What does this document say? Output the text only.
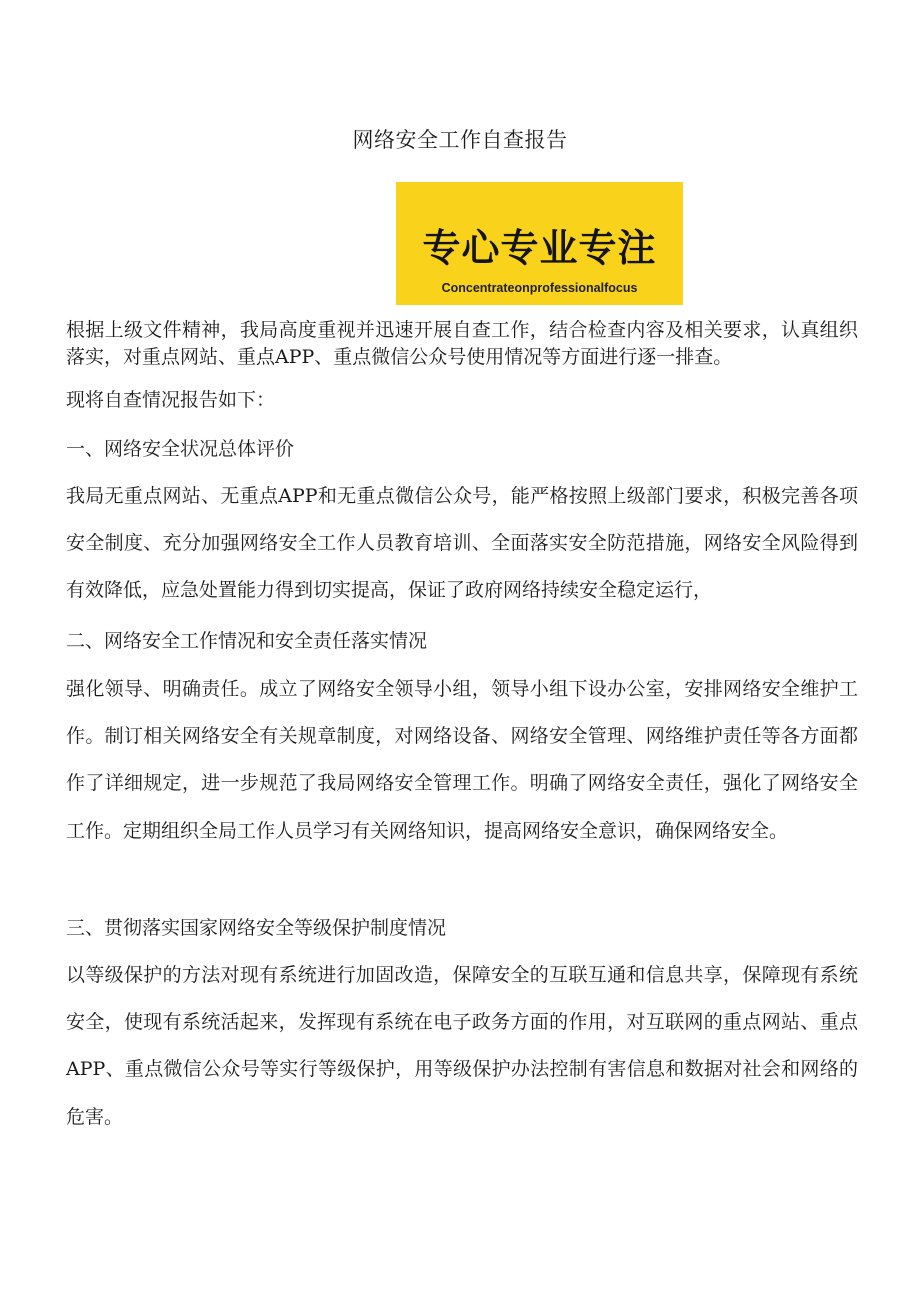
网络安全工作自查报告
专心专业专注
Concentrateonprofessionalfocus
根据上级文件精神，我局高度重视并迅速开展自查工作，结合检查内容及相关要求，认真组织落实，对重点网站、重点APP、重点微信公众号使用情况等方面进行逐一排查。
现将自查情况报告如下：
一、网络安全状况总体评价
我局无重点网站、无重点APP和无重点微信公众号，能严格按照上级部门要求，积极完善各项安全制度、充分加强网络安全工作人员教育培训、全面落实安全防范措施，网络安全风险得到有效降低，应急处置能力得到切实提高，保证了政府网络持续安全稳定运行，
二、网络安全工作情况和安全责任落实情况
强化领导、明确责任。成立了网络安全领导小组，领导小组下设办公室，安排网络安全维护工作。制订相关网络安全有关规章制度，对网络设备、网络安全管理、网络维护责任等各方面都作了详细规定，进一步规范了我局网络安全管理工作。明确了网络安全责任，强化了网络安全工作。定期组织全局工作人员学习有关网络知识，提高网络安全意识，确保网络安全。
三、贯彻落实国家网络安全等级保护制度情况
以等级保护的方法对现有系统进行加固改造，保障安全的互联互通和信息共享，保障现有系统安全，使现有系统活起来，发挥现有系统在电子政务方面的作用，对互联网的重点网站、重点APP、重点微信公众号等实行等级保护，用等级保护办法控制有害信息和数据对社会和网络的危害。
